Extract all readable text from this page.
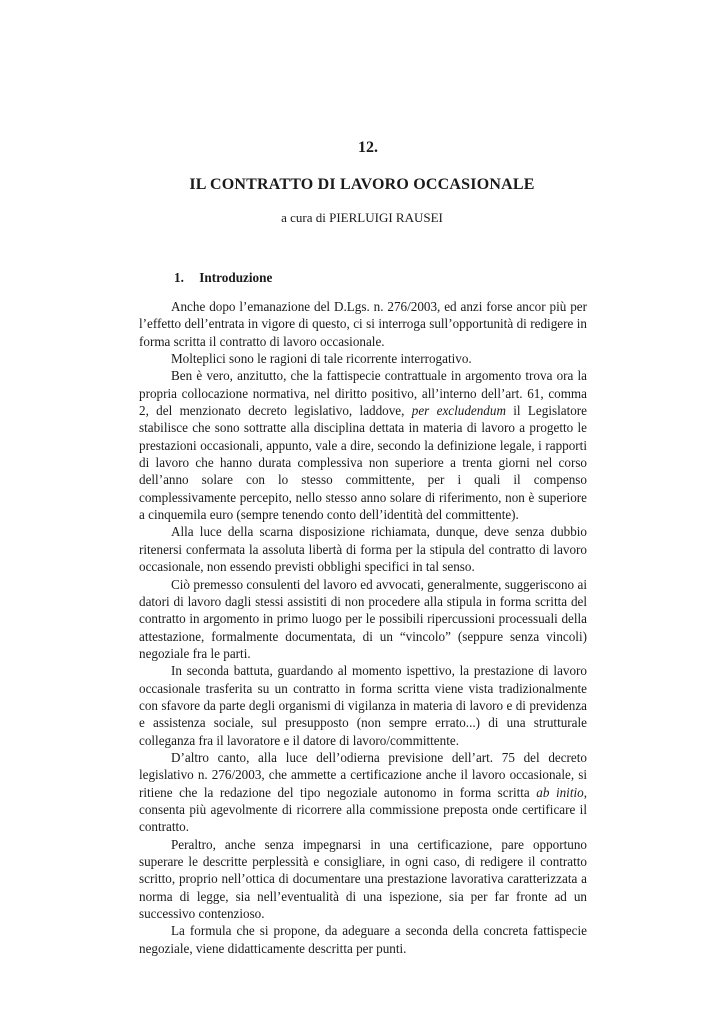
12.
IL CONTRATTO DI LAVORO OCCASIONALE
a cura di PIERLUIGI RAUSEI
1. Introduzione

Anche dopo l’emanazione del D.Lgs. n. 276/2003, ed anzi forse ancor più per l’effetto dell’entrata in vigore di questo, ci si interroga sull’opportunità di redigere in forma scritta il contratto di lavoro occasionale.

Molteplici sono le ragioni di tale ricorrente interrogativo.

Ben è vero, anzitutto, che la fattispecie contrattuale in argomento trova ora la propria collocazione normativa, nel diritto positivo, all’interno dell’art. 61, comma 2, del menzionato decreto legislativo, laddove, per excludendum il Legislatore stabilisce che sono sottratte alla disciplina dettata in materia di lavoro a progetto le prestazioni occasionali, appunto, vale a dire, secondo la definizione legale, i rapporti di lavoro che hanno durata complessiva non superiore a trenta giorni nel corso dell’anno solare con lo stesso committente, per i quali il compenso complessivamente percepito, nello stesso anno solare di riferimento, non è superiore a cinquemila euro (sempre tenendo conto dell’identità del committente).

Alla luce della scarna disposizione richiamata, dunque, deve senza dubbio ritenersi confermata la assoluta libertà di forma per la stipula del contratto di lavoro occasionale, non essendo previsti obblighi specifici in tal senso.

Ciò premesso consulenti del lavoro ed avvocati, generalmente, suggeriscono ai datori di lavoro dagli stessi assistiti di non procedere alla stipula in forma scritta del contratto in argomento in primo luogo per le possibili ripercussioni processuali della attestazione, formalmente documentata, di un “vincolo” (seppure senza vincoli) negoziale fra le parti.

In seconda battuta, guardando al momento ispettivo, la prestazione di lavoro occasionale trasferita su un contratto in forma scritta viene vista tradizionalmente con sfavore da parte degli organismi di vigilanza in materia di lavoro e di previdenza e assistenza sociale, sul presupposto (non sempre errato...) di una strutturale colleganza fra il lavoratore e il datore di lavoro/committente.

D’altro canto, alla luce dell’odierna previsione dell’art. 75 del decreto legislativo n. 276/2003, che ammette a certificazione anche il lavoro occasionale, si ritiene che la redazione del tipo negoziale autonomo in forma scritta ab initio, consenta più agevolmente di ricorrere alla commissione preposta onde certificare il contratto.

Peraltro, anche senza impegnarsi in una certificazione, pare opportuno superare le descritte perplessità e consigliare, in ogni caso, di redigere il contratto scritto, proprio nell’ottica di documentare una prestazione lavorativa caratterizzata a norma di legge, sia nell’eventualità di una ispezione, sia per far fronte ad un successivo contenzioso.

La formula che si propone, da adeguare a seconda della concreta fattispecie negoziale, viene didatticamente descritta per punti.
